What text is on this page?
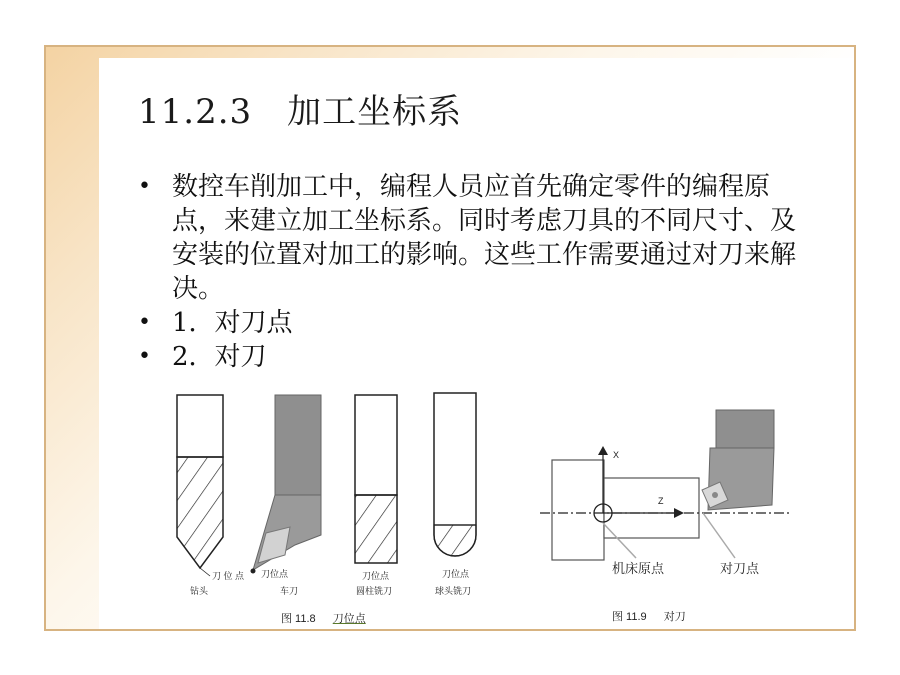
11.2.3　加工坐标系
• 数控车削加工中，编程人员应首先确定零件的编程原点，来建立加工坐标系。同时考虑刀具的不同尺寸、及安装的位置对加工的影响。这些工作需要通过对刀来解决。
• 1．对刀点
• 2．对刀
刀 位 点
钻头
刀位点
车刀
刀位点
圆柱铣刀
刀位点
球头铣刀
图 11.8 刀位点
X
Z
机床原点	对刀点
图 11.9 对刀
